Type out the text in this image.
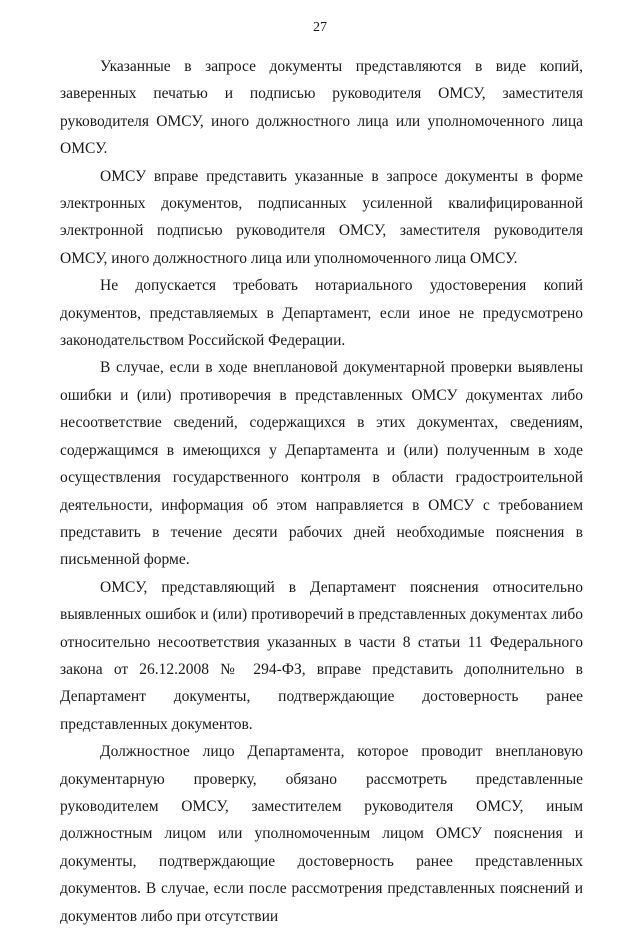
27

Указанные в запросе документы представляются в виде копий, заверенных печатью и подписью руководителя ОМСУ, заместителя руководителя ОМСУ, иного должностного лица или уполномоченного лица ОМСУ.

ОМСУ вправе представить указанные в запросе документы в форме электронных документов, подписанных усиленной квалифицированной электронной подписью руководителя ОМСУ, заместителя руководителя ОМСУ, иного должностного лица или уполномоченного лица ОМСУ.

Не допускается требовать нотариального удостоверения копий документов, представляемых в Департамент, если иное не предусмотрено законодательством Российской Федерации.

В случае, если в ходе внеплановой документарной проверки выявлены ошибки и (или) противоречия в представленных ОМСУ документах либо несоответствие сведений, содержащихся в этих документах, сведениям, содержащимся в имеющихся у Департамента и (или) полученным в ходе осуществления государственного контроля в области градостроительной деятельности, информация об этом направляется в ОМСУ с требованием представить в течение десяти рабочих дней необходимые пояснения в письменной форме.

ОМСУ, представляющий в Департамент пояснения относительно выявленных ошибок и (или) противоречий в представленных документах либо относительно несоответствия указанных в части 8 статьи 11 Федерального закона от 26.12.2008 № 294-ФЗ, вправе представить дополнительно в Департамент документы, подтверждающие достоверность ранее представленных документов.

Должностное лицо Департамента, которое проводит внеплановую документарную проверку, обязано рассмотреть представленные руководителем ОМСУ, заместителем руководителя ОМСУ, иным должностным лицом или уполномоченным лицом ОМСУ пояснения и документы, подтверждающие достоверность ранее представленных документов. В случае, если после рассмотрения представленных пояснений и документов либо при отсутствии
